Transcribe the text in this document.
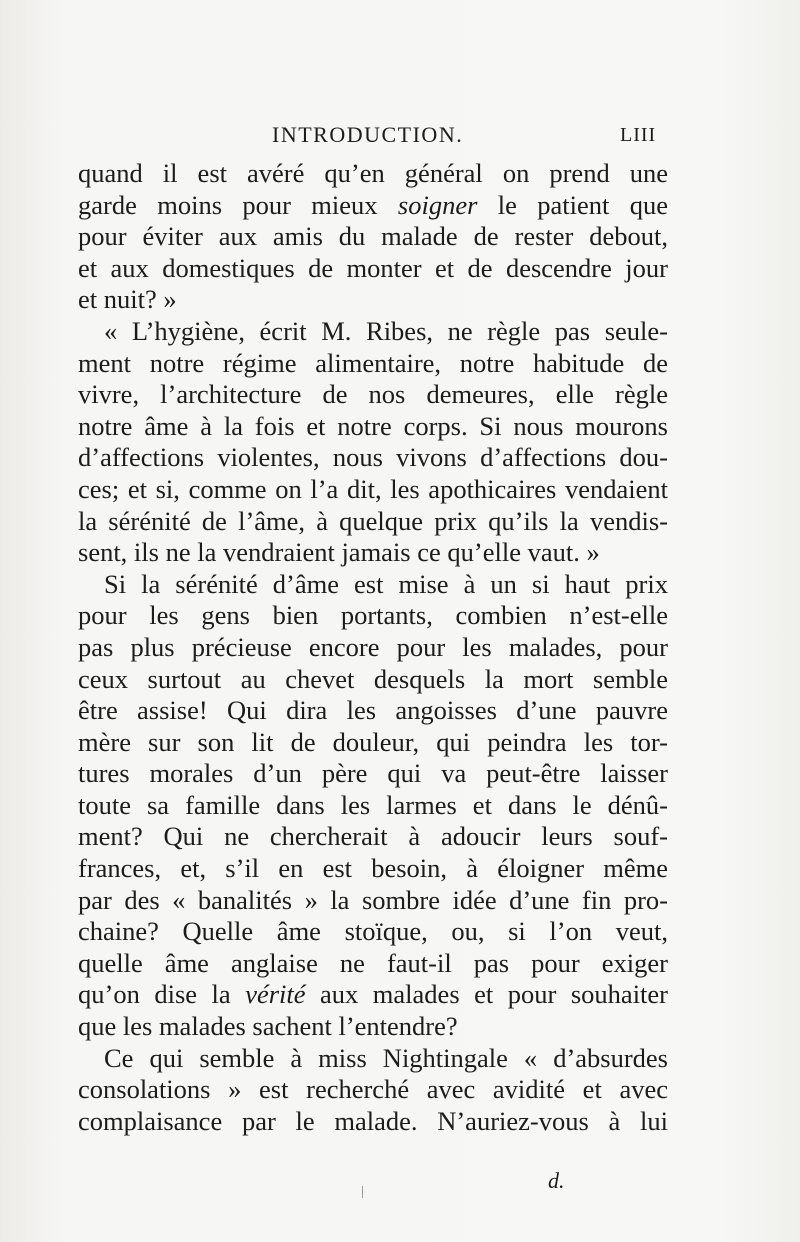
INTRODUCTION.	LIII
quand il est avéré qu’en général on prend une
garde moins pour mieux soigner le patient que
pour éviter aux amis du malade de rester debout,
et aux domestiques de monter et de descendre jour
et nuit? »
« L’hygiène, écrit M. Ribes, ne règle pas seule-
ment notre régime alimentaire, notre habitude de
vivre, l’architecture de nos demeures, elle règle
notre âme à la fois et notre corps. Si nous mourons
d’affections violentes, nous vivons d’affections dou-
ces; et si, comme on l’a dit, les apothicaires vendaient
la sérénité de l’âme, à quelque prix qu’ils la vendis-
sent, ils ne la vendraient jamais ce qu’elle vaut. »
Si la sérénité d’âme est mise à un si haut prix
pour les gens bien portants, combien n’est-elle
pas plus précieuse encore pour les malades, pour
ceux surtout au chevet desquels la mort semble
être assise! Qui dira les angoisses d’une pauvre
mère sur son lit de douleur, qui peindra les tor-
tures morales d’un père qui va peut-être laisser
toute sa famille dans les larmes et dans le dénû-
ment? Qui ne chercherait à adoucir leurs souf-
frances, et, s’il en est besoin, à éloigner même
par des « banalités » la sombre idée d’une fin pro-
chaine? Quelle âme stoïque, ou, si l’on veut,
quelle âme anglaise ne faut-il pas pour exiger
qu’on dise la vérité aux malades et pour souhaiter
que les malades sachent l’entendre?
Ce qui semble à miss Nightingale « d’absurdes
consolations » est recherché avec avidité et avec
complaisance par le malade. N’auriez-vous à lui
d.
